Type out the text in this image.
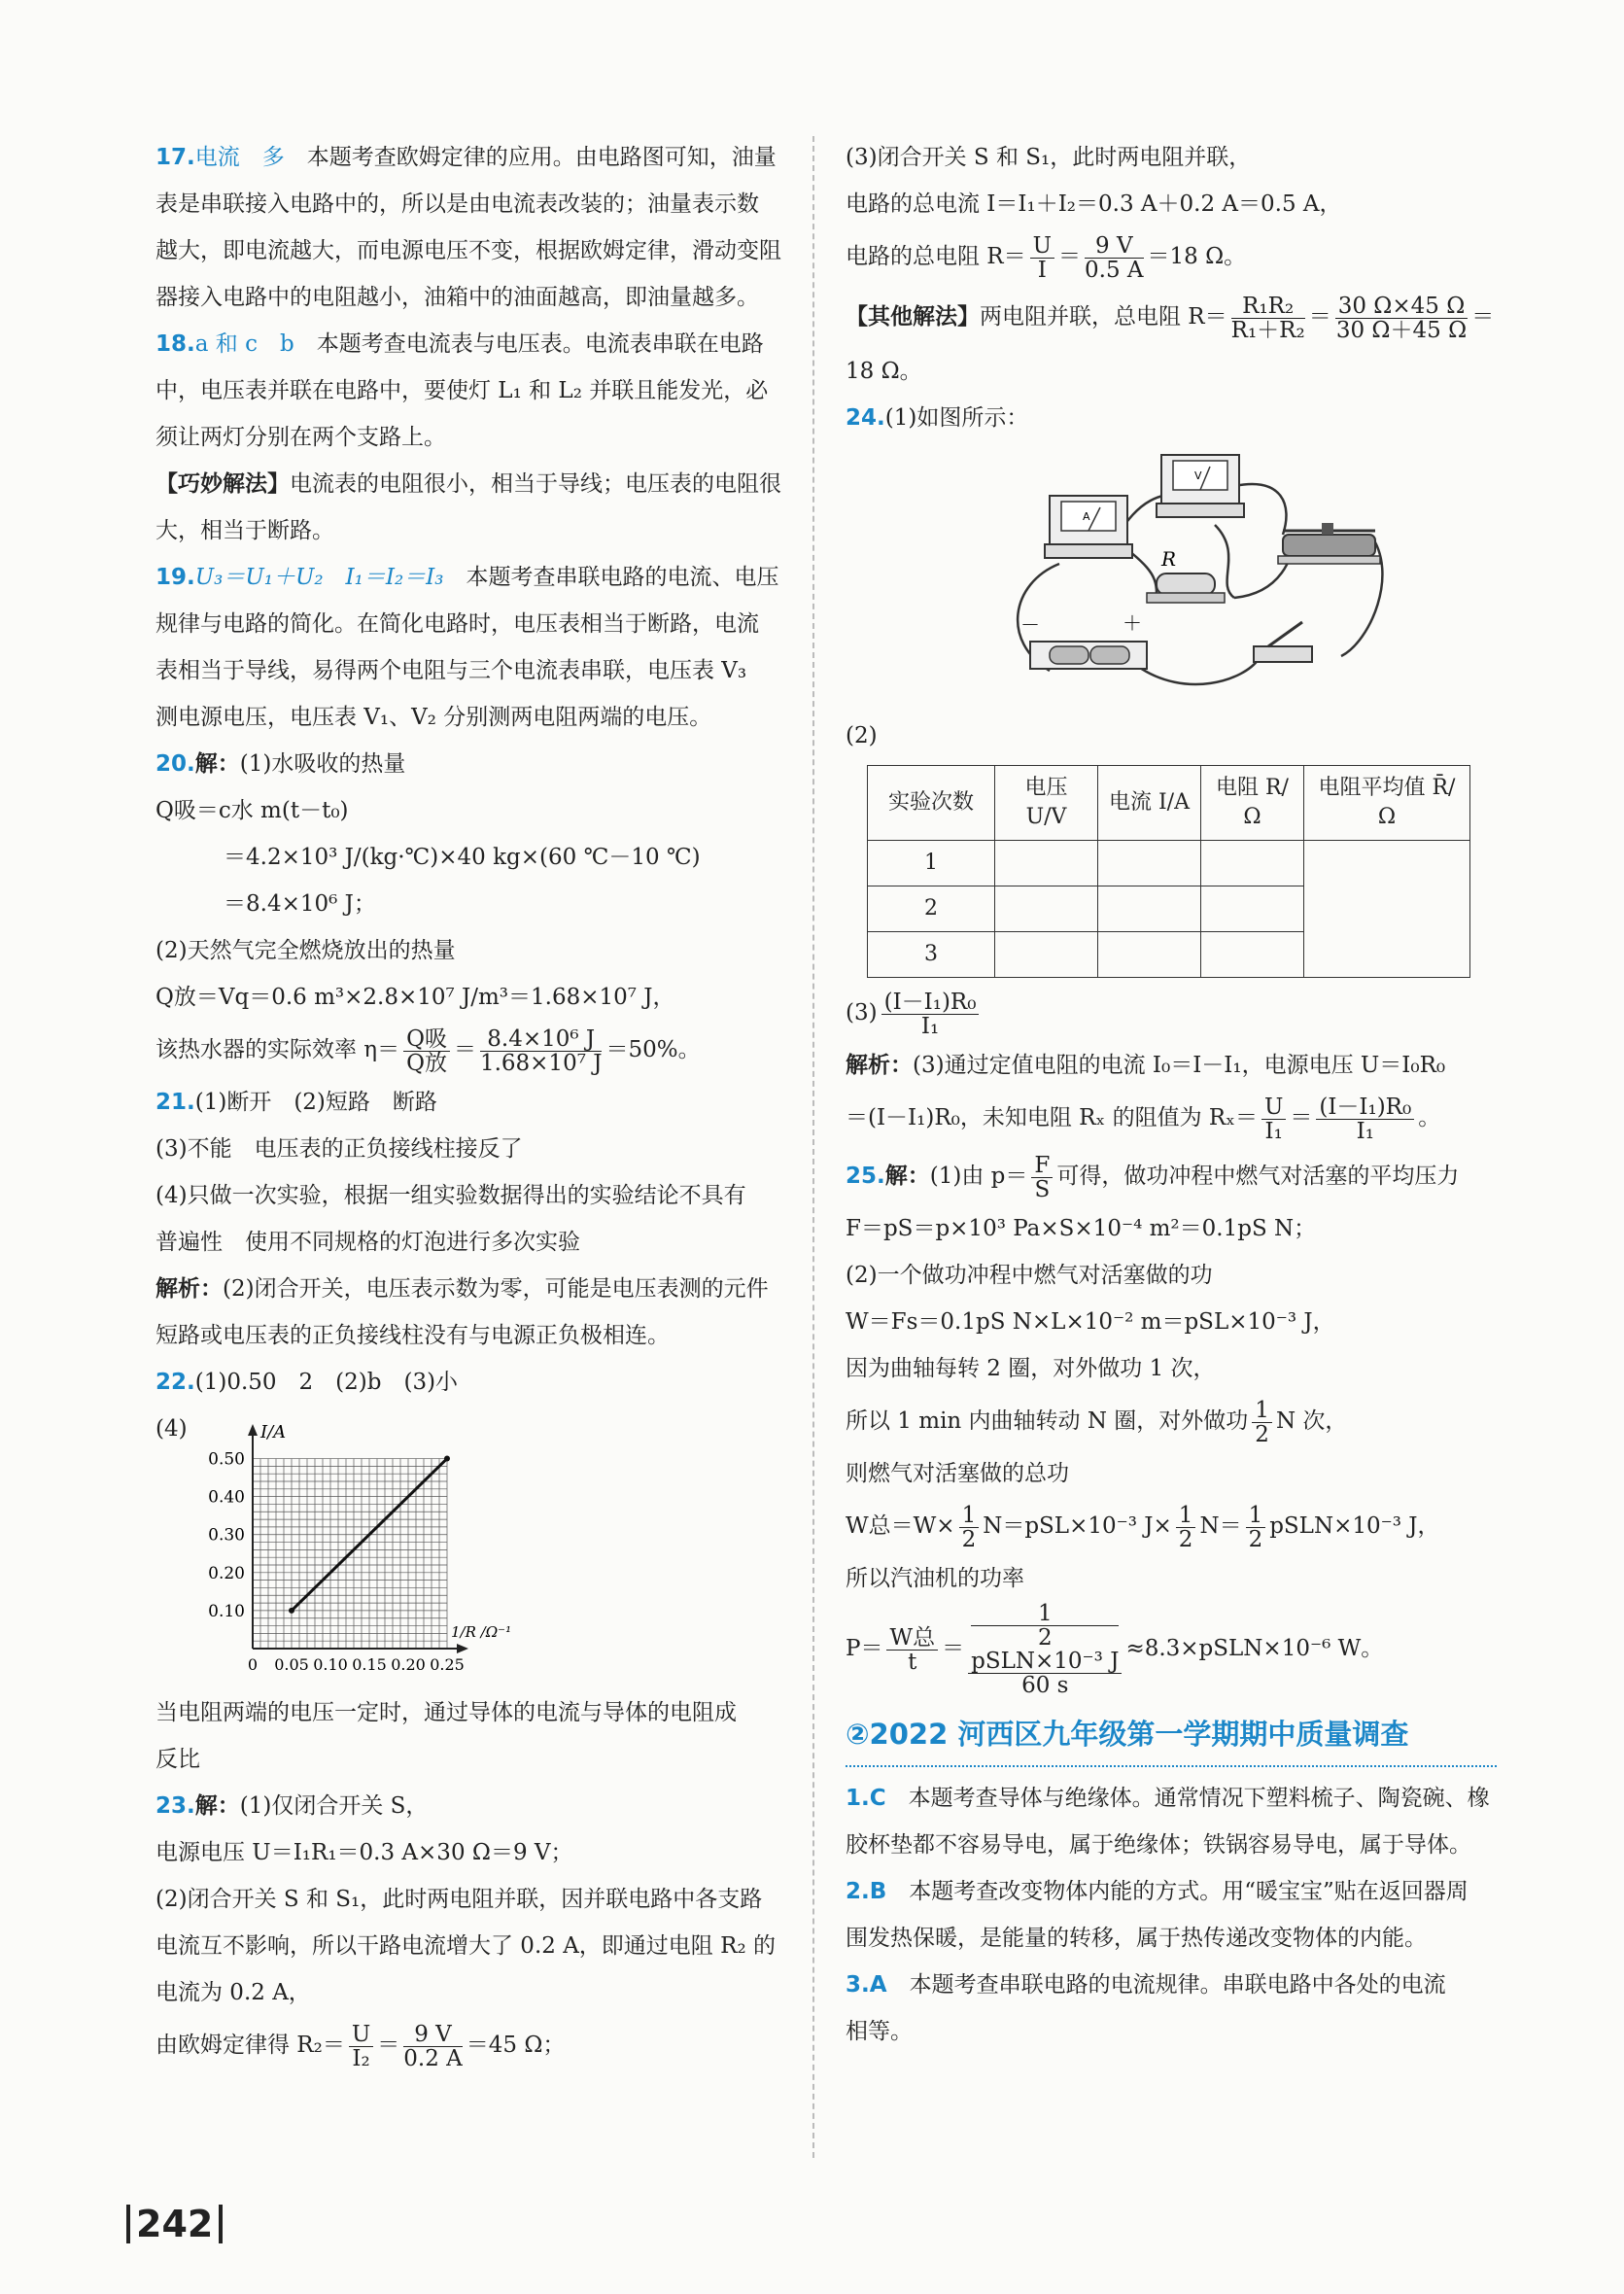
17.电流　多　 本题考查欧姆定律的应用。由电路图可知，油量

表是串联接入电路中的，所以是由电流表改装的；油量表示数

越大，即电流越大，而电源电压不变，根据欧姆定律，滑动变阻

器接入电路中的电阻越小，油箱中的油面越高，即油量越多。

18.a 和 c　b　 本题考查电流表与电压表。电流表串联在电路

中，电压表并联在电路中，要使灯 L₁ 和 L₂ 并联且能发光，必

须让两灯分别在两个支路上。

【巧妙解法】电流表的电阻很小，相当于导线；电压表的电阻很

大，相当于断路。

19.U₃＝U₁＋U₂　I₁＝I₂＝I₃　 本题考查串联电路的电流、电压

规律与电路的简化。在简化电路时，电压表相当于断路，电流

表相当于导线，易得两个电阻与三个电流表串联，电压表 V₃

测电源电压，电压表 V₁、V₂ 分别测两电阻两端的电压。

20.解：(1)水吸收的热量

Q吸＝c水 m(t－t₀)

＝4.2×10³ J/(kg·℃)×40 kg×(60 ℃－10 ℃)

＝8.4×10⁶ J；

(2)天然气完全燃烧放出的热量

Q放＝Vq＝0.6 m³×2.8×10⁷ J/m³＝1.68×10⁷ J，

该热水器的实际效率 $\eta= \frac{\text{Q吸}}{\text{Q放}} = \frac{\text{8.4×10⁶ J}}{\text{1.68×10⁷ J}} =50\%$。

21.(1)断开　(2)短路　断路

(3)不能　电压表的正负接线柱接反了

(4)只做一次实验，根据一组实验数据得出的实验结论不具有

普遍性　使用不同规格的灯泡进行多次实验

解析：(2)闭合开关，电压表示数为零，可能是电压表测的元件

短路或电压表的正负接线柱没有与电源正负极相连。

22.(1)0.50　2　(2)b　(3)小

(4)
0.10
0.20
0.30
0.40
0.50
0 0.05 0.10 0.15 0.20 0.25
I/A
1/R /Ω⁻¹

当电阻两端的电压一定时，通过导体的电流与导体的电阻成

反比

23.解：(1)仅闭合开关 S，

电源电压 U＝I₁R₁＝0.3 A×30 Ω＝9 V；

(2)闭合开关 S 和 S₁，此时两电阻并联，因并联电路中各支路

电流互不影响，所以干路电流增大了 0.2 A，即通过电阻 R₂ 的

电流为 0.2 A，

由欧姆定律得 $R_2= \frac{U}{\text{I₂}} = \frac{9 V}{0.2 A} =45$ Ω；

(3)闭合开关 S 和 S₁，此时两电阻并联，

电路的总电流 I＝I₁＋I₂＝0.3 A＋0.2 A＝0.5 A，

电路的总电阻 $R= \frac{U}{I} = \frac{9 V}{0.5 A} =18$ Ω。

【其他解法】两电阻并联，总电阻 $R= \frac{\text{R₁R₂}}{\text{R₁＋R₂}} = \frac{30 \Omega\times 45 \Omega}{30 \Omega+45 \Omega}$ ＝

18 Ω。

24.(1)如图所示：

A
V
R
－	＋

(2)

实验次数	电压 U/V	电流 I/A	电阻 R/Ω	电阻平均值 R̄/Ω
1				
2				
3				

$(3) \frac{\text{(I－I₁)R₀}}{\text{I₁}}$

解析：(3)通过定值电阻的电流 I₀＝I－I₁，电源电压 U＝I₀R₀

＝(I－I₁)R₀，未知电阻 Rₓ 的阻值为 $R_x= \frac{U}{\text{I₁}} = \frac{\text{(I－I₁)R₀}}{\text{I₁}}$ 。

25.解：(1)由 $p= \frac{F}{S}$ 可得，做功冲程中燃气对活塞的平均压力

F＝pS＝p×10³ Pa×S×10⁻⁴ m²＝0.1pS N；

(2)一个做功冲程中燃气对活塞做的功

W＝Fs＝0.1pS N×L×10⁻² m＝pSL×10⁻³ J，

因为曲轴每转 2 圈，对外做功 1 次，

所以 1 min 内曲轴转动 N 圈，对外做功 $\frac{1}{2}$ N 次，

则燃气对活塞做的总功

W总$=W\times \frac{1}{2} N=pSL\times 10^{-3}$ $J\times \frac{1}{2} N= \frac{1}{2}$ pSLN×10⁻³ J，

所以汽油机的功率

$P= \frac{\text{W总}}{t} = 1$
2
pSLN×10⁻³ J
60 s ≈8.3×pSLN×10⁻⁶ W。

②2022 河西区九年级第一学期期中质量调查

1.C　 本题考查导体与绝缘体。通常情况下塑料梳子、陶瓷碗、橡

胶杯垫都不容易导电，属于绝缘体；铁锅容易导电，属于导体。

2.B　 本题考查改变物体内能的方式。用“暖宝宝”贴在返回器周

围发热保暖，是能量的转移，属于热传递改变物体的内能。

3.A　 本题考查串联电路的电流规律。串联电路中各处的电流

相等。

242
